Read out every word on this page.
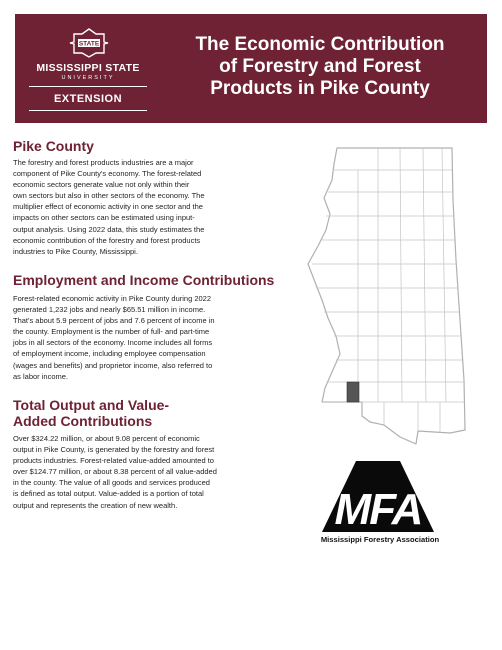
STATE
MISSISSIPPI STATE
UNIVERSITY
EXTENSION
The Economic Contribution
of Forestry and Forest
Products in Pike County
Pike County

The forestry and forest products industries are a major
component of Pike County's economy. The forest-related
economic sectors generate value not only within their
own sectors but also in other sectors of the economy. The
multiplier effect of economic activity in one sector and the
impacts on other sectors can be estimated using input-
output analysis. Using 2022 data, this study estimates the
economic contribution of the forestry and forest products
industries to Pike County, Mississippi.

Employment and Income Contributions

Forest-related economic activity in Pike County during 2022
generated 1,232 jobs and nearly $65.51 million in income.
That's about 5.9 percent of jobs and 7.6 percent of income in
the county. Employment is the number of full- and part-time
jobs in all sectors of the economy. Income includes all forms
of employment income, including employee compensation
(wages and benefits) and proprietor income, also referred to
as labor income.

Total Output and Value-
Added Contributions

Over $324.22 million, or about 9.08 percent of economic
output in Pike County, is generated by the forestry and forest
products industries. Forest-related value-added amounted to
over $124.77 million, or about 8.38 percent of all value-added
in the county. The value of all goods and services produced
is defined as total output. Value-added is a portion of total
output and represents the creation of new wealth.	MFA
Mississippi Forestry Association
